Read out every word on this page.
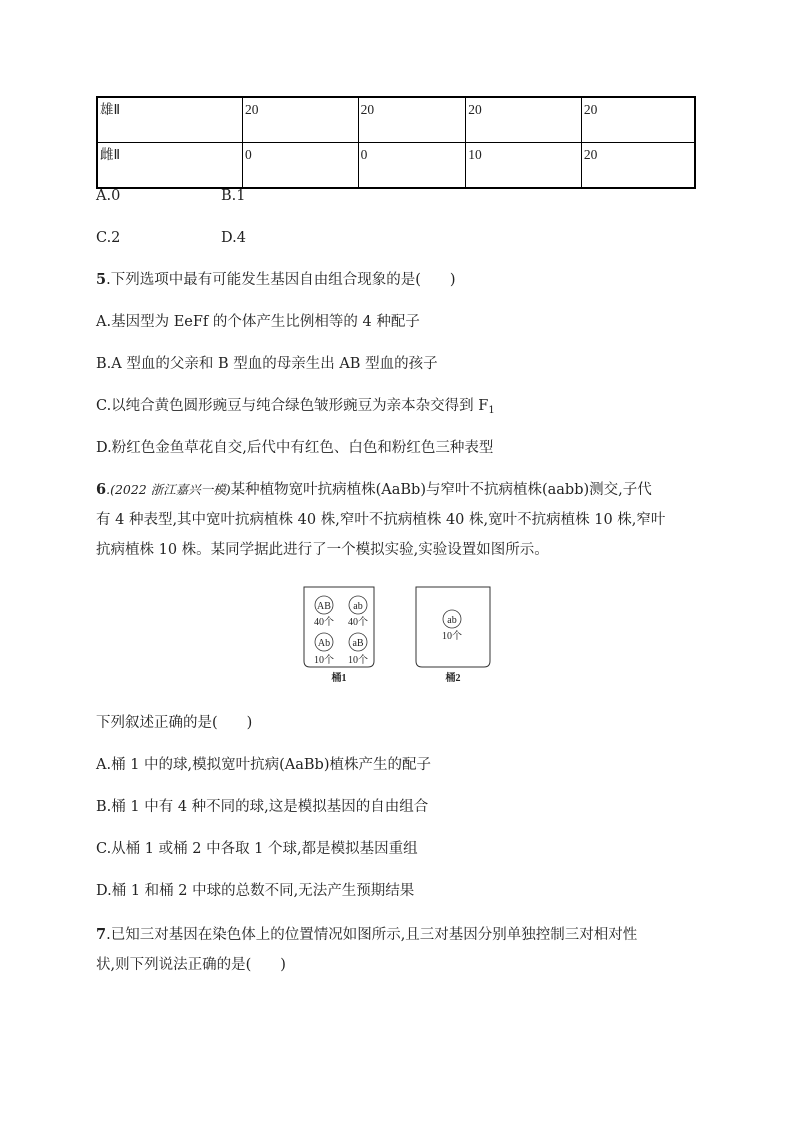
雄Ⅱ	20	20	20	20
雌Ⅱ	0	0	10	20
A.0	B.1
C.2	D.4
5.下列选项中最有可能发生基因自由组合现象的是(　　)
A.基因型为 EeFf 的个体产生比例相等的 4 种配子
B.A 型血的父亲和 B 型血的母亲生出 AB 型血的孩子
C.以纯合黄色圆形豌豆与纯合绿色皱形豌豆为亲本杂交得到 $F_1$
D.粉红色金鱼草花自交,后代中有红色、白色和粉红色三种表型
6.(2022 浙江嘉兴一模)某种植物宽叶抗病植株(AaBb)与窄叶不抗病植株(aabb)测交,子代
有 4 种表型,其中宽叶抗病植株 40 株,窄叶不抗病植株 40 株,宽叶不抗病植株 10 株,窄叶
抗病植株 10 株。某同学据此进行了一个模拟实验,实验设置如图所示。
AB
40个
ab
40个
Ab
10个
aB
10个
桶1
ab
10个
桶2
下列叙述正确的是(　　)
A.桶 1 中的球,模拟宽叶抗病(AaBb)植株产生的配子
B.桶 1 中有 4 种不同的球,这是模拟基因的自由组合
C.从桶 1 或桶 2 中各取 1 个球,都是模拟基因重组
D.桶 1 和桶 2 中球的总数不同,无法产生预期结果
7.已知三对基因在染色体上的位置情况如图所示,且三对基因分别单独控制三对相对性
状,则下列说法正确的是(　　)
